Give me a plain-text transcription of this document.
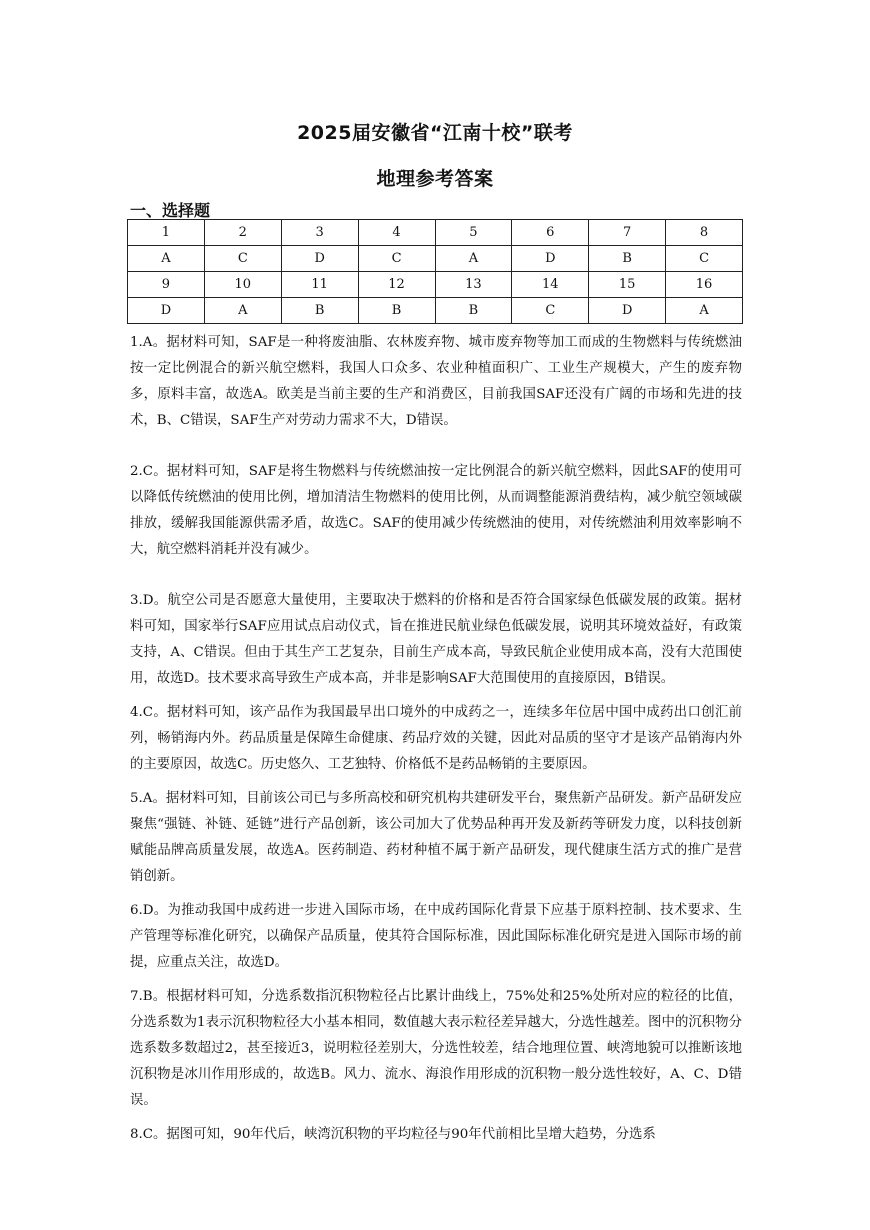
2025届安徽省“江南十校”联考
地理参考答案
一、选择题
1	2	3	4	5	6	7	8
A	C	D	C	A	D	B	C
9	10	11	12	13	14	15	16
D	A	B	B	B	C	D	A

1.A。据材料可知，SAF是一种将废油脂、农林废弃物、城市废弃物等加工而成的生物燃料与传统燃油按一定比例混合的新兴航空燃料，我国人口众多、农业种植面积广、工业生产规模大，产生的废弃物多，原料丰富，故选A。欧美是当前主要的生产和消费区，目前我国SAF还没有广阔的市场和先进的技术，B、C错误，SAF生产对劳动力需求不大，D错误。

2.C。据材料可知，SAF是将生物燃料与传统燃油按一定比例混合的新兴航空燃料，因此SAF的使用可以降低传统燃油的使用比例，增加清洁生物燃料的使用比例，从而调整能源消费结构，减少航空领域碳排放，缓解我国能源供需矛盾，故选C。SAF的使用减少传统燃油的使用，对传统燃油利用效率影响不大，航空燃料消耗并没有减少。

3.D。航空公司是否愿意大量使用，主要取决于燃料的价格和是否符合国家绿色低碳发展的政策。据材料可知，国家举行SAF应用试点启动仪式，旨在推进民航业绿色低碳发展，说明其环境效益好，有政策支持，A、C错误。但由于其生产工艺复杂，目前生产成本高，导致民航企业使用成本高，没有大范围使用，故选D。技术要求高导致生产成本高，并非是影响SAF大范围使用的直接原因，B错误。

4.C。据材料可知，该产品作为我国最早出口境外的中成药之一，连续多年位居中国中成药出口创汇前列，畅销海内外。药品质量是保障生命健康、药品疗效的关键，因此对品质的坚守才是该产品销海内外的主要原因，故选C。历史悠久、工艺独特、价格低不是药品畅销的主要原因。

5.A。据材料可知，目前该公司已与多所高校和研究机构共建研发平台，聚焦新产品研发。新产品研发应聚焦“强链、补链、延链”进行产品创新，该公司加大了优势品种再开发及新药等研发力度，以科技创新赋能品牌高质量发展，故选A。医药制造、药材种植不属于新产品研发，现代健康生活方式的推广是营销创新。

6.D。为推动我国中成药进一步进入国际市场，在中成药国际化背景下应基于原料控制、技术要求、生产管理等标准化研究，以确保产品质量，使其符合国际标准，因此国际标准化研究是进入国际市场的前提，应重点关注，故选D。

7.B。根据材料可知，分选系数指沉积物粒径占比累计曲线上，75%处和25%处所对应的粒径的比值，分选系数为1表示沉积物粒径大小基本相同，数值越大表示粒径差异越大，分选性越差。图中的沉积物分选系数多数超过2，甚至接近3，说明粒径差别大，分选性较差，结合地理位置、峡湾地貌可以推断该地沉积物是冰川作用形成的，故选B。风力、流水、海浪作用形成的沉积物一般分选性较好，A、C、D错误。

8.C。据图可知，90年代后，峡湾沉积物的平均粒径与90年代前相比呈增大趋势，分选系
